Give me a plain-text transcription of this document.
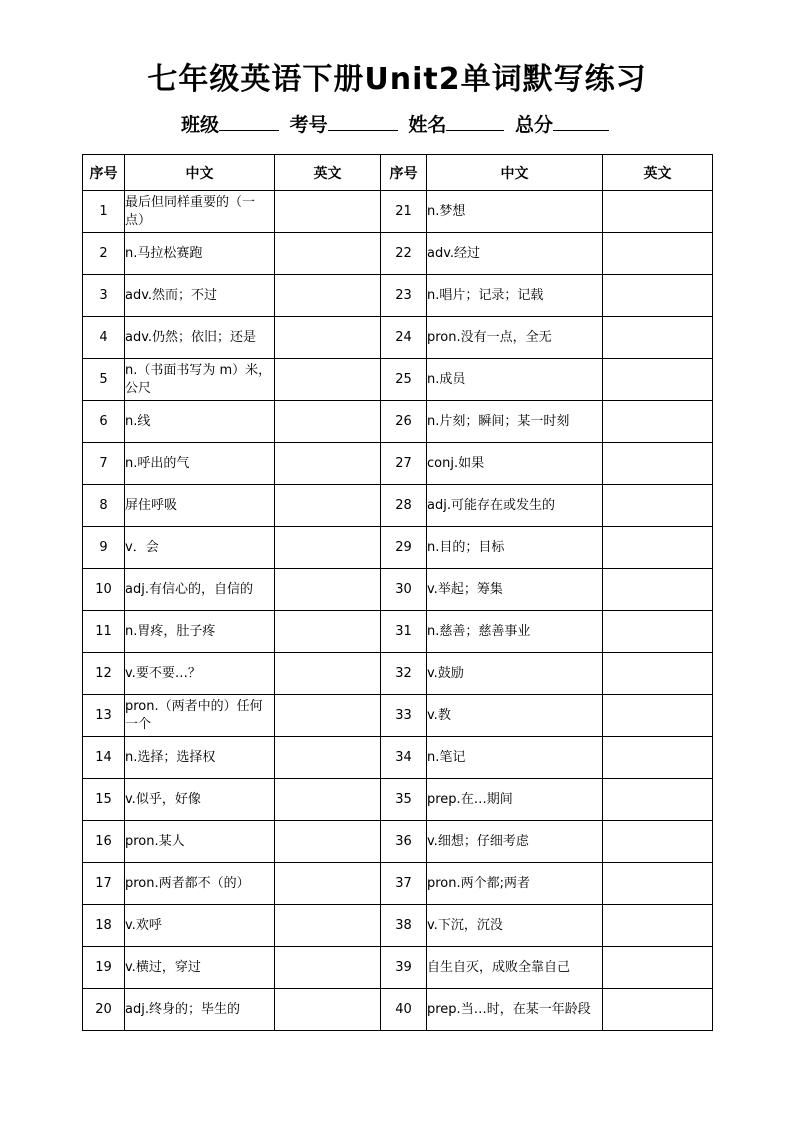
七年级英语下册Unit2单词默写练习
班级	考号	姓名	总分
序号	中文	英文	序号	中文	英文
1	最后但同样重要的（一 点）		21	n.梦想	
2	n.马拉松赛跑		22	adv.经过	
3	adv.然而；不过		23	n.唱片；记录；记载	
4	adv.仍然；依旧；还是		24	pron.没有一点，全无	
5	n.（书面书写为 m）米，公尺		25	n.成员	
6	n.线		26	n.片刻；瞬间；某一时刻	
7	n.呼出的气		27	conj.如果	
8	屏住呼吸		28	adj.可能存在或发生的	
9	v．会		29	n.目的；目标	
10	adj.有信心的，自信的		30	v.举起；筹集	
11	n.胃疼，肚子疼		31	n.慈善；慈善事业	
12	v.要不要…？		32	v.鼓励	
13	pron.（两者中的）任何一个		33	v.教	
14	n.选择；选择权		34	n.笔记	
15	v.似乎，好像		35	prep.在…期间	
16	pron.某人		36	v.细想；仔细考虑	
17	pron.两者都不（的）		37	pron.两个都;两者	
18	v.欢呼		38	v.下沉，沉没	
19	v.横过，穿过		39	自生自灭，成败全靠自己	
20	adj.终身的；毕生的		40	prep.当…时，在某一年龄段	
